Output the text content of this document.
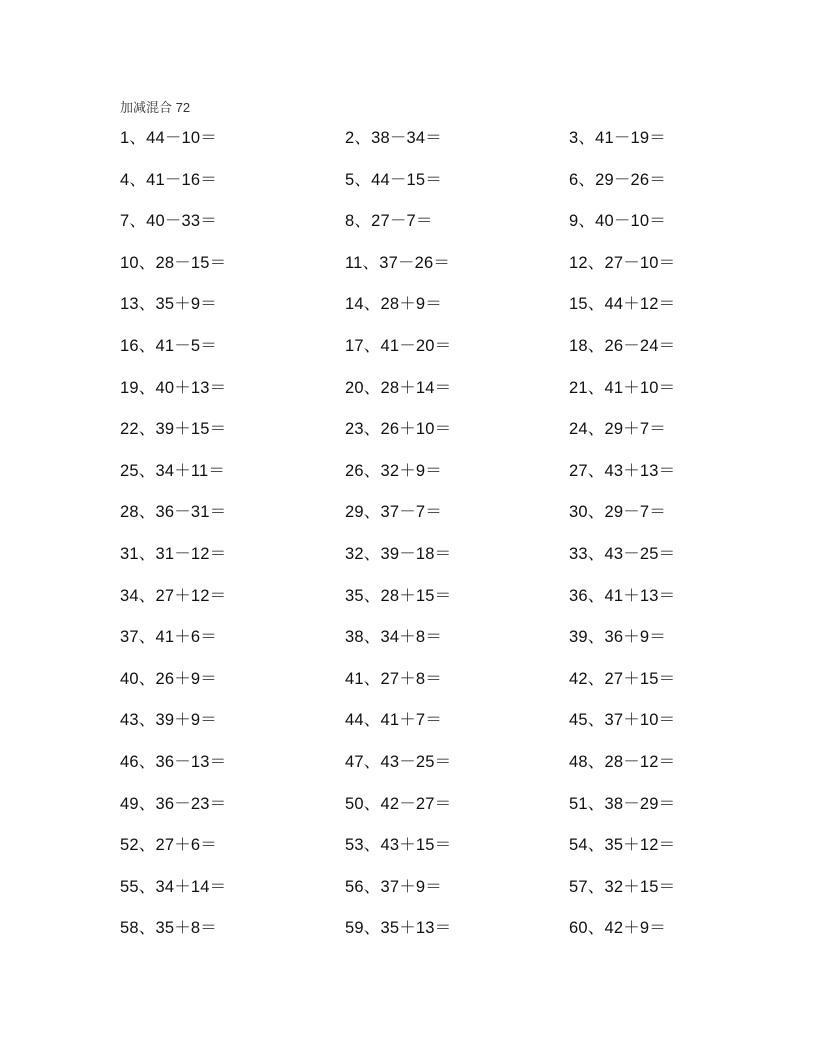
加减混合 72
1、44－10＝	2、38－34＝	3、41－19＝
4、41－16＝	5、44－15＝	6、29－26＝
7、40－33＝	8、27－7＝	9、40－10＝
10、28－15＝	11、37－26＝	12、27－10＝
13、35＋9＝	14、28＋9＝	15、44＋12＝
16、41－5＝	17、41－20＝	18、26－24＝
19、40＋13＝	20、28＋14＝	21、41＋10＝
22、39＋15＝	23、26＋10＝	24、29＋7＝
25、34＋11＝	26、32＋9＝	27、43＋13＝
28、36－31＝	29、37－7＝	30、29－7＝
31、31－12＝	32、39－18＝	33、43－25＝
34、27＋12＝	35、28＋15＝	36、41＋13＝
37、41＋6＝	38、34＋8＝	39、36＋9＝
40、26＋9＝	41、27＋8＝	42、27＋15＝
43、39＋9＝	44、41＋7＝	45、37＋10＝
46、36－13＝	47、43－25＝	48、28－12＝
49、36－23＝	50、42－27＝	51、38－29＝
52、27＋6＝	53、43＋15＝	54、35＋12＝
55、34＋14＝	56、37＋9＝	57、32＋15＝
58、35＋8＝	59、35＋13＝	60、42＋9＝
